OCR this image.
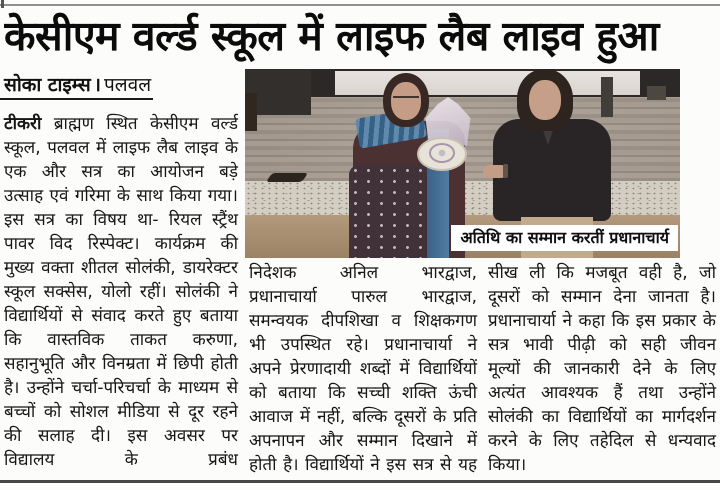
केसीएम वर्ल्ड स्कूल में लाइफ लैब लाइव हुआ
सोका टाइम्स । पलवल
अतिथि का सम्मान करतीं प्रधानाचार्य
टीकरी ब्राह्मण स्थित केसीएम वर्ल्ड स्कूल, पलवल में लाइफ लैब लाइव के एक और सत्र का आयोजन बड़े उत्साह एवं गरिमा के साथ किया गया। इस सत्र का विषय था- रियल स्ट्रैंथ पावर विद रिस्पेक्ट। कार्यक्रम की मुख्य वक्ता शीतल सोलंकी, डायरेक्टर स्कूल सक्सेस, योलो रहीं। सोलंकी ने विद्यार्थियों से संवाद करते हुए बताया कि वास्तविक ताकत करुणा, सहानुभूति और विनम्रता में छिपी होती है। उन्होंने चर्चा-परिचर्चा के माध्यम से बच्चों को सोशल मीडिया से दूर रहने की सलाह दी। इस अवसर पर विद्यालय के प्रबंध
निदेशक अनिल भारद्वाज, प्रधानाचार्या पारुल भारद्वाज, समन्वयक दीपशिखा व शिक्षकगण भी उपस्थित रहे। प्रधानाचार्या ने अपने प्रेरणादायी शब्दों में विद्यार्थियों को बताया कि सच्ची शक्ति ऊंची आवाज में नहीं, बल्कि दूसरों के प्रति अपनापन और सम्मान दिखाने में होती है। विद्यार्थियों ने इस सत्र से यह
सीख ली कि मजबूत वही है, जो दूसरों को सम्मान देना जानता है। प्रधानाचार्या ने कहा कि इस प्रकार के सत्र भावी पीढ़ी को सही जीवन मूल्यों की जानकारी देने के लिए अत्यंत आवश्यक हैं तथा उन्होंने सोलंकी का विद्यार्थियों का मार्गदर्शन करने के लिए तहेदिल से धन्यवाद किया।
